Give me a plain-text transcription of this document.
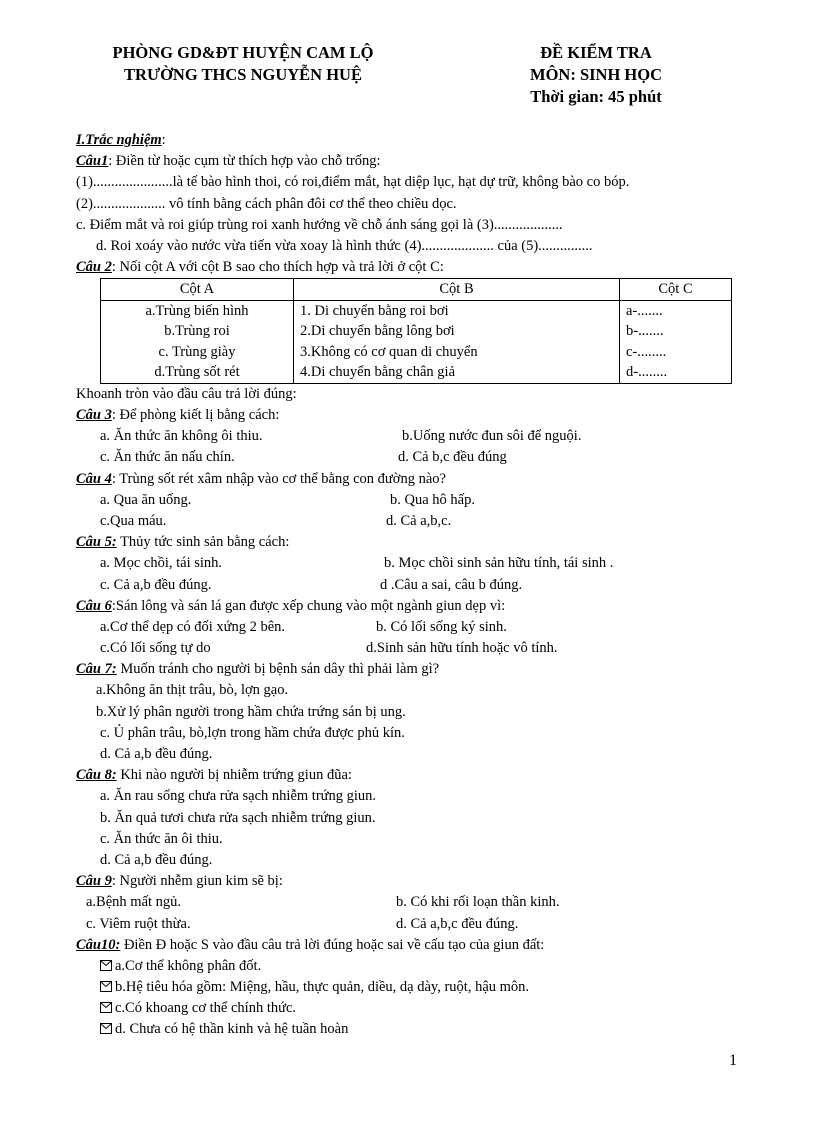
PHÒNG GD&ĐT HUYỆN CAM LỘ
TRƯỜNG THCS NGUYỄN HUỆ
ĐỀ KIỂM TRA
MÔN: SINH HỌC
Thời gian: 45 phút
I.Trắc nghiệm:
Câu1: Điền từ hoặc cụm từ thích hợp vào chỗ trống:
(1)......................là tế bào hình thoi, có roi,điểm mắt, hạt diệp lục, hạt dự trữ, không bào co bóp.
(2).................... vô tính bằng cách phân đôi cơ thể theo chiều dọc.
c. Điểm mắt và roi giúp trùng roi xanh hướng về chỗ ánh sáng gọi là (3)...................
d. Roi xoáy vào nước vừa tiến vừa xoay là hình thức (4).................... của (5)...............
Câu 2: Nối cột A với cột B sao cho thích hợp và trả lời ở cột C:
Cột A	Cột B	Cột C
a.Trùng biến hình	1. Di chuyển bằng roi bơi	a-.......
b.Trùng roi	2.Di chuyển bằng lông bơi	b-.......
c. Trùng giày	3.Không có cơ quan di chuyển	c-........
d.Trùng sốt rét	4.Di chuyển bằng chân giả	d-........
Khoanh tròn vào đầu câu trả lời đúng:
Câu 3: Để phòng kiết lị bằng cách:
a. Ăn thức ăn không ôi thiu.	b.Uống nước đun sôi để nguội.
c. Ăn thức ăn nấu chín.	d. Cả b,c đều đúng
Câu 4: Trùng sốt rét xâm nhập vào cơ thể bằng con đường nào?
a. Qua ăn uống.	b. Qua hô hấp.
c.Qua máu.	d. Cả a,b,c.
Câu 5: Thủy tức sinh sản bằng cách:
a. Mọc chồi, tái sinh.	b. Mọc chồi sinh sản hữu tính, tái sinh .
c. Cả a,b đều đúng.	d .Câu a sai, câu b đúng.
Câu 6:Sán lông và sán lá gan được xếp chung vào một ngành giun dẹp vì:
a.Cơ thể dẹp có đối xứng 2 bên.	b. Có lối sống ký sinh.
c.Có lối sống tự do	d.Sinh sản hữu tính hoặc vô tính.
Câu 7: Muốn tránh cho người bị bệnh sán dây thì phải làm gì?
a.Không ăn thịt trâu, bò, lợn gạo.
b.Xử lý phân người trong hầm chứa trứng sán bị ung.
c. Ủ phân trâu, bò,lợn trong hầm chứa được phủ kín.
d. Cả a,b đều đúng.
Câu 8: Khi nào người bị nhiễm trứng giun đũa:
a. Ăn rau sống chưa rửa sạch nhiễm trứng giun.
b. Ăn quả tươi chưa rửa sạch nhiễm trứng giun.
c. Ăn thức ăn ôi thiu.
d. Cả a,b đều đúng.
Câu 9: Người nhễm giun kim sẽ bị:
a.Bệnh mất ngủ.	b. Có khi rối loạn thần kinh.
c. Viêm ruột thừa.	d. Cả a,b,c đều đúng.
Câu10: Điền Đ hoặc S vào đầu câu trả lời đúng hoặc sai về cấu tạo của giun đất:
a.Cơ thể không phân đốt.
b.Hệ tiêu hóa gồm: Miệng, hầu, thực quản, diều, dạ dày, ruột, hậu môn.
c.Có khoang cơ thể chính thức.
d. Chưa có hệ thần kinh và hệ tuần hoàn
1
